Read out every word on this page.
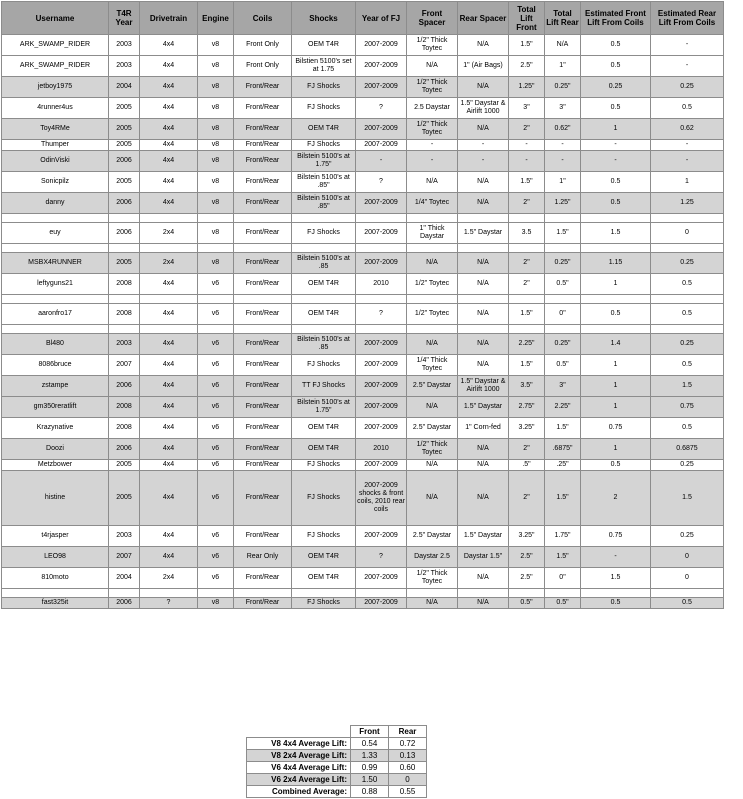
Username	T4R Year	Drivetrain	Engine	Coils	Shocks	Year of FJ	Front Spacer	Rear Spacer	Total Lift Front	Total Lift Rear	Estimated Front Lift From Coils	Estimated Rear Lift From Coils
ARK_SWAMP_RIDER	2003	4x4	v8	Front Only	OEM T4R	2007-2009	1/2" Thick Toytec	N/A	1.5"	N/A	0.5	-
ARK_SWAMP_RIDER	2003	4x4	v8	Front Only	Bilstien 5100's set at 1.75	2007-2009	N/A	1" (Air Bags)	2.5"	1"	0.5	-
jetboy1975	2004	4x4	v8	Front/Rear	FJ Shocks	2007-2009	1/2" Thick Toytec	N/A	1.25"	0.25"	0.25	0.25
4runner4us	2005	4x4	v8	Front/Rear	FJ Shocks	?	2.5 Daystar	1.5" Daystar & Airlift 1000	3"	3"	0.5	0.5
Toy4RMe	2005	4x4	v8	Front/Rear	OEM T4R	2007-2009	1/2" Thick Toytec	N/A	2"	0.62"	1	0.62
Thumper	2005	4x4	v8	Front/Rear	FJ Shocks	2007-2009	-	-	-	-	-	-
OdinViski	2006	4x4	v8	Front/Rear	Bilstein 5100's at 1.75"	-	-	-	-	-	-	-
Sonicpilz	2005	4x4	v8	Front/Rear	Bilstein 5100's at .85"	?	N/A	N/A	1.5"	1"	0.5	1
danny	2006	4x4	v8	Front/Rear	Bilstein 5100's at .85"	2007-2009	1/4" Toytec	N/A	2"	1.25"	0.5	1.25

euy	2006	2x4	v8	Front/Rear	FJ Shocks	2007-2009	1" Thick Daystar	1.5" Daystar	3.5	1.5"	1.5	0

MSBX4RUNNER	2005	2x4	v8	Front/Rear	Bilstein 5100's at .85	2007-2009	N/A	N/A	2"	0.25"	1.15	0.25
leftyguns21	2008	4x4	v6	Front/Rear	OEM T4R	2010	1/2" Toytec	N/A	2"	0.5"	1	0.5

aaronfro17	2008	4x4	v6	Front/Rear	OEM T4R	?	1/2" Toytec	N/A	1.5"	0"	0.5	0.5

Bl480	2003	4x4	v6	Front/Rear	Bilstein 5100's at .85	2007-2009	N/A	N/A	2.25"	0.25"	1.4	0.25
8086bruce	2007	4x4	v6	Front/Rear	FJ Shocks	2007-2009	1/4" Thick Toytec	N/A	1.5"	0.5"	1	0.5
zstampe	2006	4x4	v6	Front/Rear	TT FJ Shocks	2007-2009	2.5" Daystar	1.5" Daystar & Airlift 1000	3.5"	3"	1	1.5
gm350reratlift	2008	4x4	v6	Front/Rear	Bilstein 5100's at 1.75"	2007-2009	N/A	1.5" Daystar	2.75"	2.25"	1	0.75
Krazynative	2008	4x4	v6	Front/Rear	OEM T4R	2007-2009	2.5" Daystar	1" Corn-fed	3.25"	1.5"	0.75	0.5
Doozi	2006	4x4	v6	Front/Rear	OEM T4R	2010	1/2" Thick Toytec	N/A	2"	.6875"	1	0.6875
Metzbower	2005	4x4	v6	Front/Rear	FJ Shocks	2007-2009	N/A	N/A	.5"	.25"	0.5	0.25
histine	2005	4x4	v6	Front/Rear	FJ Shocks	2007-2009 shocks & front coils, 2010 rear coils	N/A	N/A	2"	1.5"	2	1.5
t4rjasper	2003	4x4	v6	Front/Rear	FJ Shocks	2007-2009	2.5" Daystar	1.5" Daystar	3.25"	1.75"	0.75	0.25
LEO98	2007	4x4	v6	Rear Only	OEM T4R	?	Daystar 2.5	Daystar 1.5"	2.5"	1.5"	-	0
810moto	2004	2x4	v6	Front/Rear	OEM T4R	2007-2009	1/2" Thick Toytec	N/A	2.5"	0"	1.5	0

fast325it	2006	?	v8	Front/Rear	FJ Shocks	2007-2009	N/A	N/A	0.5"	0.5"	0.5	0.5
	Front	Rear
V8 4x4 Average Lift:	0.54	0.72
V8 2x4 Average Lift:	1.33	0.13
V6 4x4 Average Lift:	0.99	0.60
V6 2x4 Average Lift:	1.50	0
Combined Average:	0.88	0.55
